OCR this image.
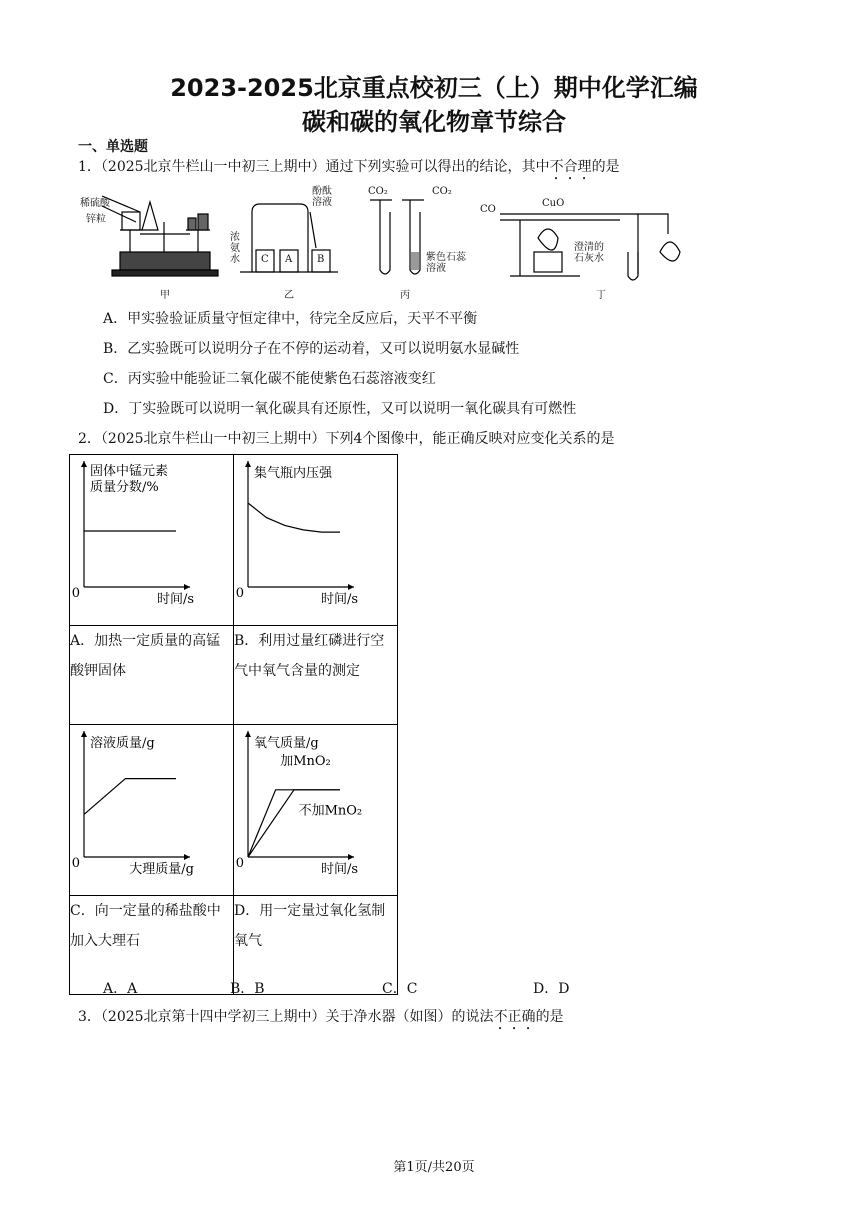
2023-2025北京重点校初三（上）期中化学汇编
碳和碳的氧化物章节综合
一、单选题
1．（2025北京牛栏山一中初三上期中）通过下列实验可以得出的结论，其中不合理的是
稀硫酸
锌粒
甲
酚酞溶液
浓氨水 C A B
乙
CO₂	CO₂
紫色石蕊溶液
丙
CO
CuO
澄清的石灰水
丁
A．甲实验验证质量守恒定律中，待完全反应后，天平不平衡
B．乙实验既可以说明分子在不停的运动着，又可以说明氨水显碱性
C．丙实验中能验证二氧化碳不能使紫色石蕊溶液变红
D．丁实验既可以说明一氧化碳具有还原性，又可以说明一氧化碳具有可燃性
2．（2025北京牛栏山一中初三上期中）下列4个图像中，能正确反映对应变化关系的是
固体中锰元素
质量分数/%
时间/s
0	集气瓶内压强
时间/s
0

A．加热一定质量的高锰酸钾固体	B．利用过量红磷进行空气中氧气含量的测定

溶液质量/g
大理质量/g
0	氧气质量/g
时间/s
0
加MnO₂
不加MnO₂

C．向一定量的稀盐酸中加入大理石	D．用一定量过氧化氢制氧气
A．A	B．B	C．C	D．D
3．（2025北京第十四中学初三上期中）关于净水器（如图）的说法不正确的是
第1页/共20页
